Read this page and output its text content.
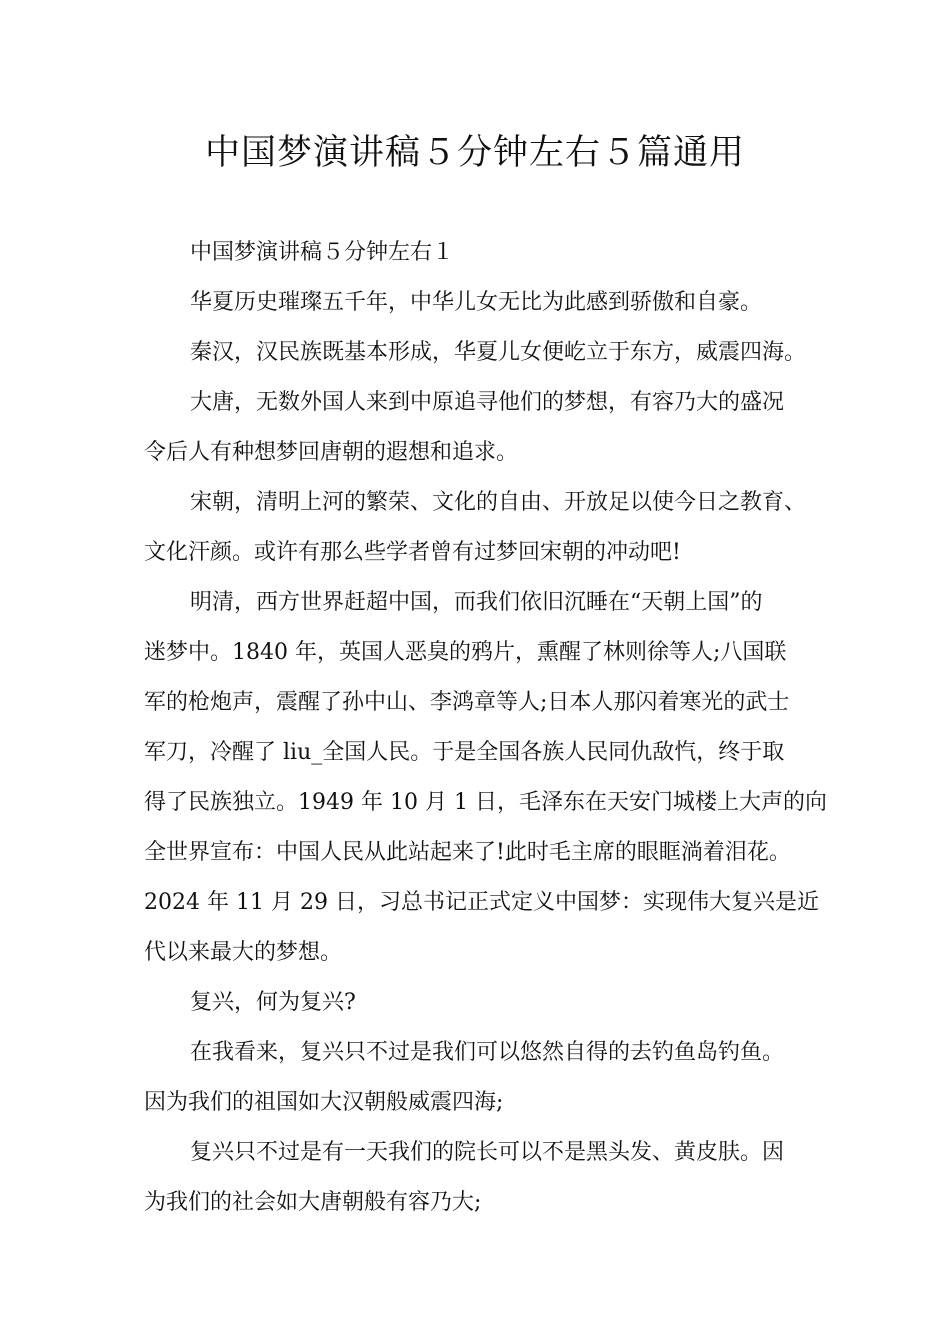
中国梦演讲稿５分钟左右５篇通用

中国梦演讲稿５分钟左右１

华夏历史璀璨五千年，中华儿女无比为此感到骄傲和自豪。

秦汉，汉民族既基本形成，华夏儿女便屹立于东方，威震四海。

大唐，无数外国人来到中原追寻他们的梦想，有容乃大的盛况
令后人有种想梦回唐朝的遐想和追求。

宋朝，清明上河的繁荣、文化的自由、开放足以使今日之教育、
文化汗颜。或许有那么些学者曾有过梦回宋朝的冲动吧!

明清，西方世界赶超中国，而我们依旧沉睡在“天朝上国”的
迷梦中。1840 年，英国人恶臭的鸦片，熏醒了林则徐等人;八国联
军的枪炮声，震醒了孙中山、李鸿章等人;日本人那闪着寒光的武士
军刀，冷醒了 liu_全国人民。于是全国各族人民同仇敌忾，终于取
得了民族独立。1949 年 10 月 1 日，毛泽东在天安门城楼上大声的向
全世界宣布：中国人民从此站起来了!此时毛主席的眼眶淌着泪花。
2024 年 11 月 29 日，习总书记正式定义中国梦：实现伟大复兴是近
代以来最大的梦想。

复兴，何为复兴?

在我看来，复兴只不过是我们可以悠然自得的去钓鱼岛钓鱼。
因为我们的祖国如大汉朝般威震四海;

复兴只不过是有一天我们的院长可以不是黑头发、黄皮肤。因
为我们的社会如大唐朝般有容乃大;
